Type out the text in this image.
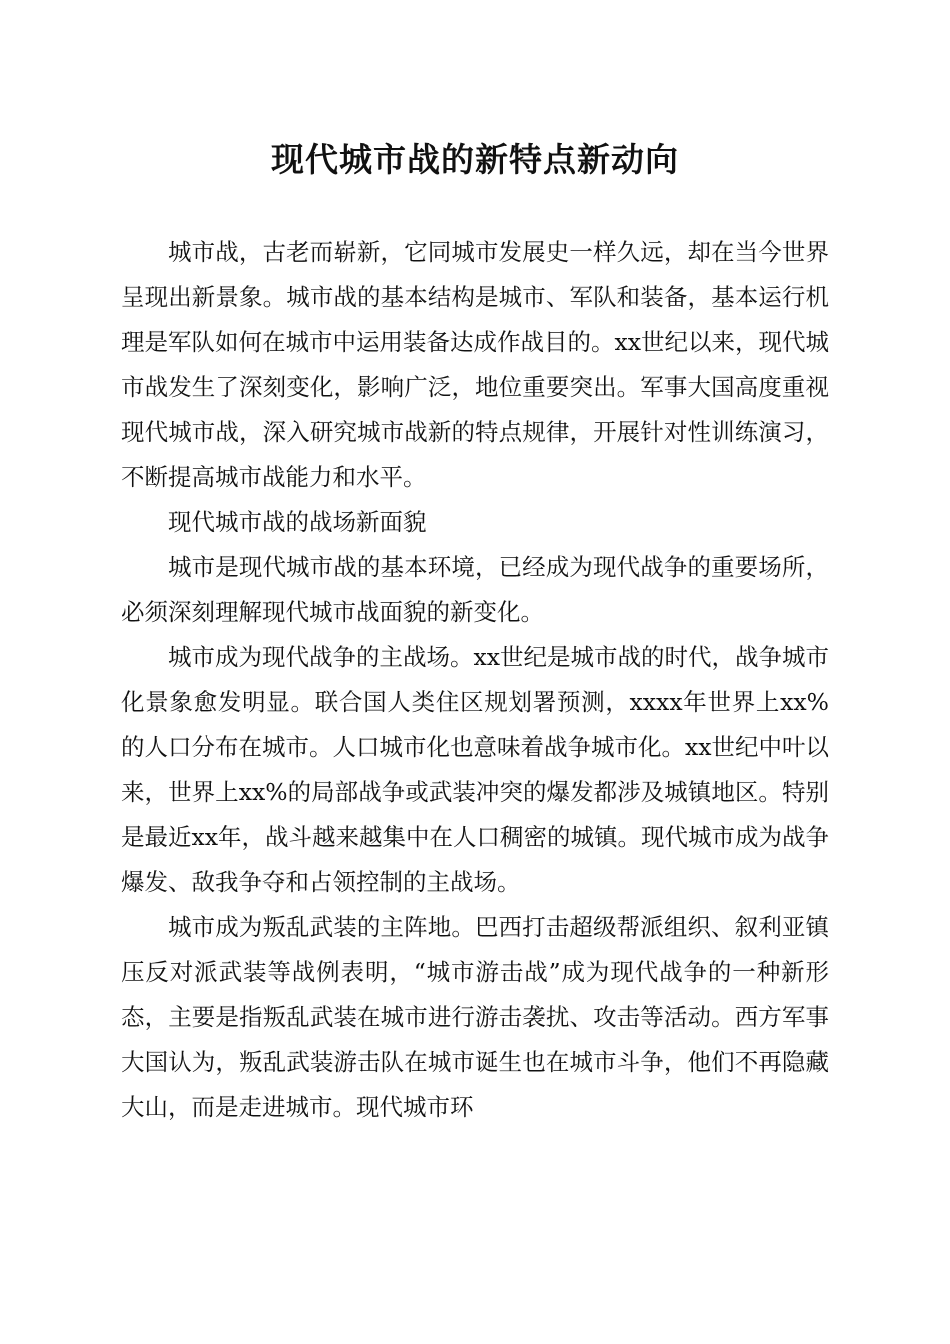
现代城市战的新特点新动向

城市战，古老而崭新，它同城市发展史一样久远，却在当今世界呈现出新景象。城市战的基本结构是城市、军队和装备，基本运行机理是军队如何在城市中运用装备达成作战目的。xx世纪以来，现代城市战发生了深刻变化，影响广泛，地位重要突出。军事大国高度重视现代城市战，深入研究城市战新的特点规律，开展针对性训练演习，不断提高城市战能力和水平。

现代城市战的战场新面貌

城市是现代城市战的基本环境，已经成为现代战争的重要场所，必须深刻理解现代城市战面貌的新变化。

城市成为现代战争的主战场。xx世纪是城市战的时代，战争城市化景象愈发明显。联合国人类住区规划署预测，xxxx年世界上xx%的人口分布在城市。人口城市化也意味着战争城市化。xx世纪中叶以来，世界上xx%的局部战争或武装冲突的爆发都涉及城镇地区。特别是最近xx年，战斗越来越集中在人口稠密的城镇。现代城市成为战争爆发、敌我争夺和占领控制的主战场。

城市成为叛乱武装的主阵地。巴西打击超级帮派组织、叙利亚镇压反对派武装等战例表明，“城市游击战”成为现代战争的一种新形态，主要是指叛乱武装在城市进行游击袭扰、攻击等活动。西方军事大国认为，叛乱武装游击队在城市诞生也在城市斗争，他们不再隐藏大山，而是走进城市。现代城市环
